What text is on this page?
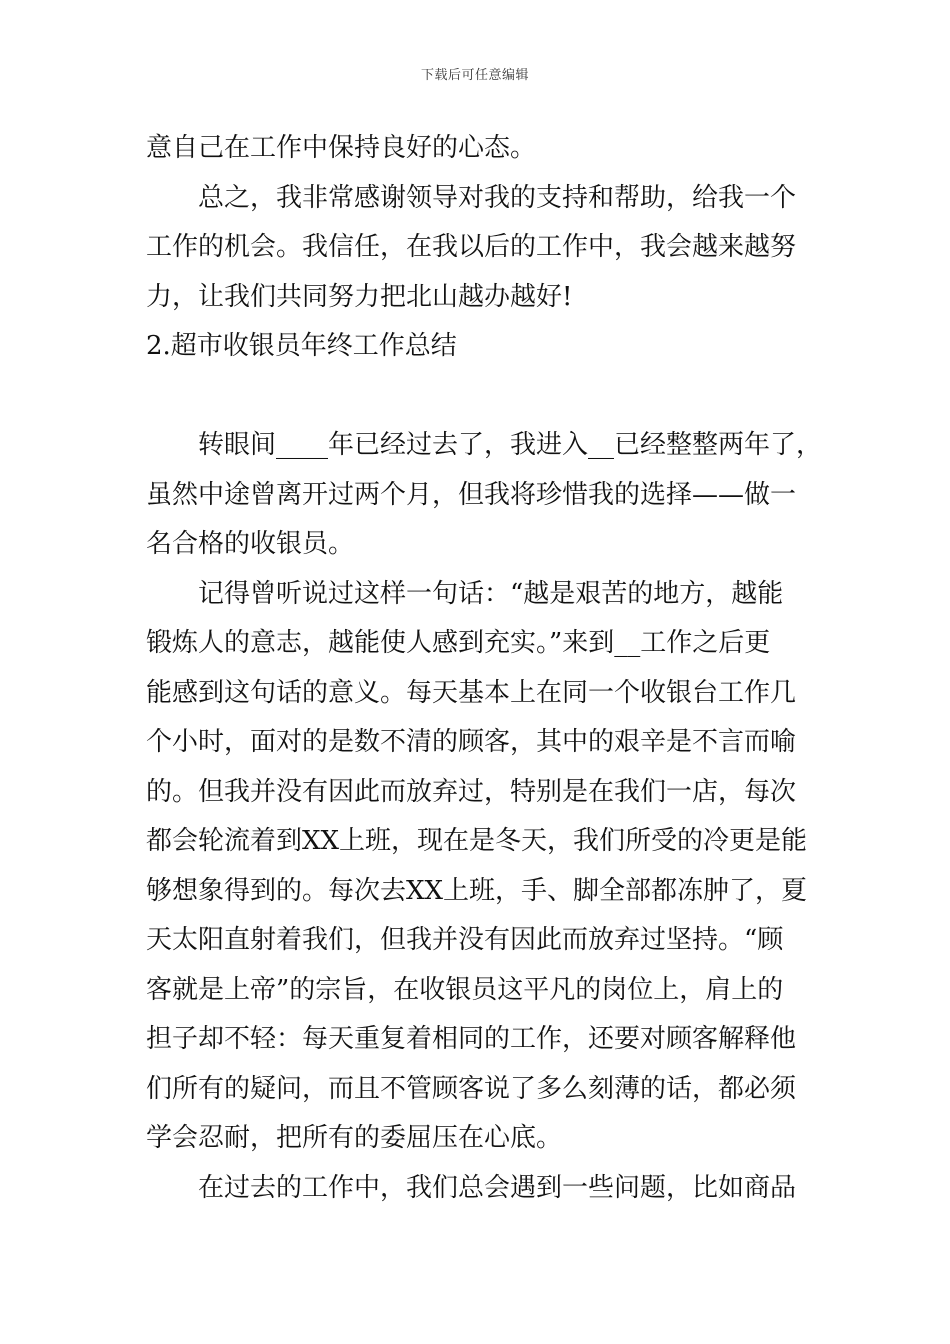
下载后可任意编辑
意自己在工作中保持良好的心态。
总之，我非常感谢领导对我的支持和帮助，给我一个
工作的机会。我信任，在我以后的工作中，我会越来越努
力，让我们共同努力把北山越办越好!
2.超市收银员年终工作总结
转眼间____年已经过去了，我进入__已经整整两年了，
虽然中途曾离开过两个月，但我将珍惜我的选择——做一
名合格的收银员。
记得曾听说过这样一句话：“越是艰苦的地方，越能
锻炼人的意志，越能使人感到充实。”来到__工作之后更
能感到这句话的意义。每天基本上在同一个收银台工作几
个小时，面对的是数不清的顾客，其中的艰辛是不言而喻
的。但我并没有因此而放弃过，特别是在我们一店，每次
都会轮流着到XX上班，现在是冬天，我们所受的冷更是能
够想象得到的。每次去XX上班，手、脚全部都冻肿了，夏
天太阳直射着我们，但我并没有因此而放弃过坚持。“顾
客就是上帝”的宗旨，在收银员这平凡的岗位上，肩上的
担子却不轻：每天重复着相同的工作，还要对顾客解释他
们所有的疑问，而且不管顾客说了多么刻薄的话，都必须
学会忍耐，把所有的委屈压在心底。
在过去的工作中，我们总会遇到一些问题，比如商品
